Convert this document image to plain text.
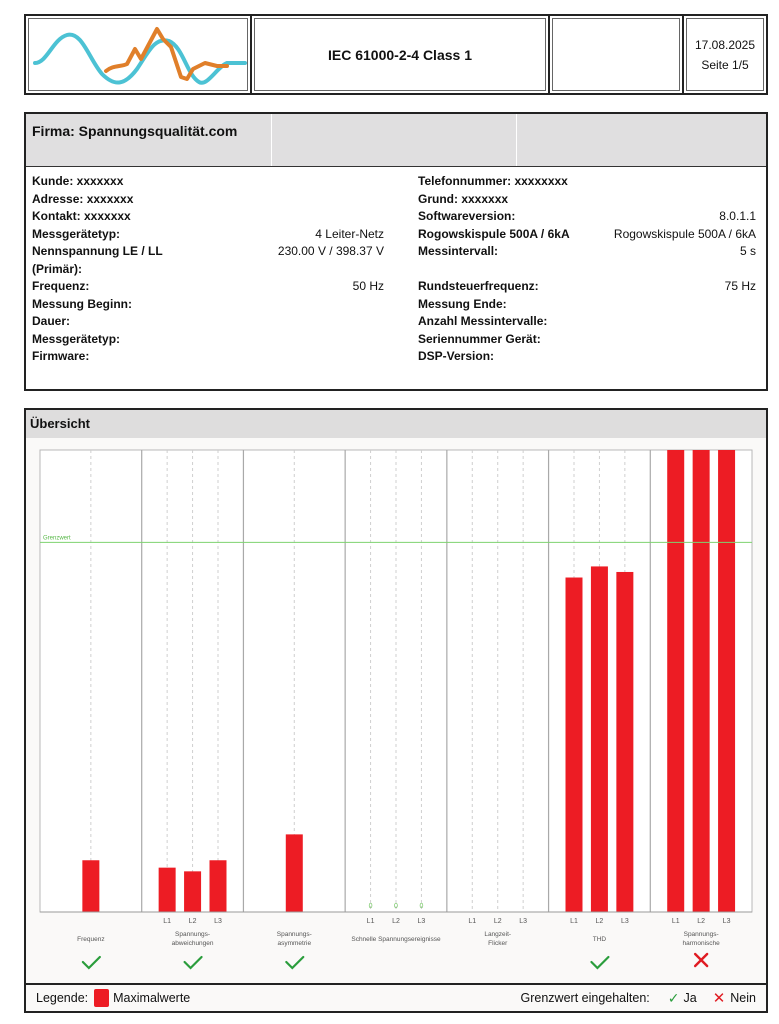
IEC 61000-2-4 Class 1
17.08.2025
Seite 1/5
Firma: Spannungsqualität.com
Kunde: xxxxxxx
Adresse: xxxxxxx
Kontakt: xxxxxxx
Messgerätetyp:	4 Leiter-Netz
Nennspannung LE / LL
(Primär):
230.00 V / 398.37 V
Frequenz:	50 Hz
Messung Beginn:
Dauer:
Messgerätetyp:
Firmware:
Telefonnummer: xxxxxxxx
Grund: xxxxxxx
Softwareversion:	8.0.1.1
Rogowskispule 500A / 6kA	Rogowskispule 500A / 6kA
Messintervall:	5 s
Rundsteuerfrequenz:	75 Hz
Messung Ende:
Anzahl Messintervalle:
Seriennummer Gerät:
DSP-Version:
Übersicht
Frequenz
L1	L2	L3
Spannungs-abweichungen
Spannungs-asymmetrie
0
L1
0
L2
0
L3
Schnelle Spannungsereignisse
L1	L2	L3
Langzeit-Flicker
L1	L2	L3
THD
L1	L2	L3
Spannungs-harmonische
Grenzwert
Legende: Maximalwerte	Grenzwert eingehalten: ✓ Ja ✕ Nein
